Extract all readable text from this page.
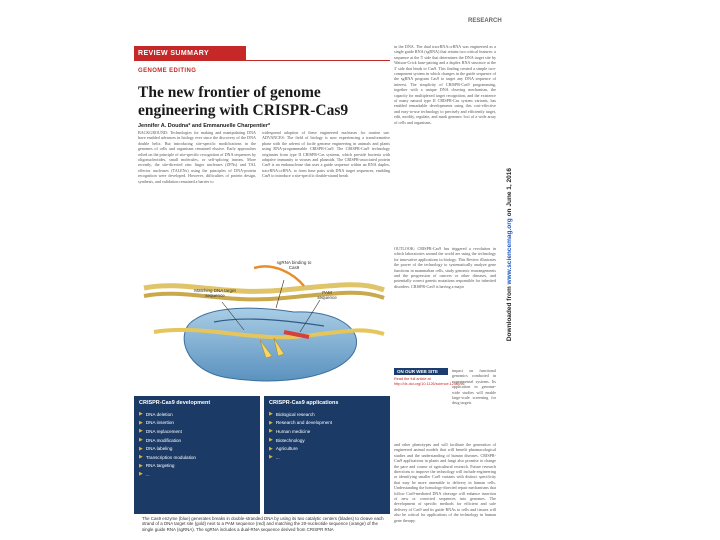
RESEARCH
REVIEW SUMMARY
GENOME EDITING
The new frontier of genome engineering with CRISPR-Cas9
Jennifer A. Doudna* and Emmanuelle Charpentier*
BACKGROUND: Technologies for making and manipulating DNA have enabled advances in biology ever since the discovery of the DNA double helix. But introducing site-specific modifications in the genomes of cells and organisms remained elusive. Early approaches relied on the principle of site-specific recognition of DNA sequences by oligonucleotides, small molecules, or self-splicing introns. More recently, the site-directed zinc finger nucleases (ZFNs) and TAL effector nucleases (TALENs) using the principles of DNA-protein recognition were developed. However, difficulties of protein design, synthesis, and validation remained a barrier to
widespread adoption of these engineered nucleases for routine use. ADVANCES: The field of biology is now experiencing a transformative phase with the advent of facile genome engineering in animals and plants using RNA-programmable CRISPR-Cas9. The CRISPR-Cas9 technology originates from type II CRISPR-Cas systems, which provide bacteria with adaptive immunity to viruses and plasmids. The CRISPR-associated protein Cas9 is an endonuclease that uses a guide sequence within an RNA duplex, tracrRNA:crRNA, to form base pairs with DNA target sequences, enabling Cas9 to introduce a site-specific double-strand break
in the DNA. The dual tracrRNA:crRNA was engineered as a single guide RNA (sgRNA) that retains two critical features: a sequence at the 5' side that determines the DNA target site by Watson-Crick base-pairing and a duplex RNA structure at the 3' side that binds to Cas9. This finding created a simple two-component system in which changes in the guide sequence of the sgRNA program Cas9 to target any DNA sequence of interest. The simplicity of CRISPR-Cas9 programming, together with a unique DNA cleaving mechanism, the capacity for multiplexed target recognition, and the existence of many natural type II CRISPR-Cas system variants, has enabled remarkable developments using this cost-effective and easy-to-use technology to precisely and efficiently target, edit, modify, regulate, and mark genomic loci of a wide array of cells and organisms.
OUTLOOK: CRISPR-Cas9 has triggered a revolution in which laboratories around the world are using the technology for innovative applications in biology. This Review illustrates the power of the technology to systematically analyze gene functions in mammalian cells, study genomic rearrangements and the progression of cancers or other diseases, and potentially correct genetic mutations responsible for inherited disorders. CRISPR-Cas9 is having a major
ON OUR WEB SITE
Read the full article at http://dx.doi.org/10.1126/science.1258096
impact on functional genomics conducted in experimental systems. Its application in genome-wide studies will enable large-scale screening for drug targets
and other phenotypes and will facilitate the generation of engineered animal models that will benefit pharmacological studies and the understanding of human diseases. CRISPR-Cas9 applications in plants and fungi also promise to change the pace and course of agricultural research. Future research directions to improve the technology will include engineering or identifying smaller Cas9 variants with distinct specificity that may be more amenable to delivery in human cells. Understanding the homology-directed repair mechanisms that follow Cas9-mediated DNA cleavage will enhance insertion of new or corrected sequences into genomes. The development of specific methods for efficient and safe delivery of Cas9 and its guide RNAs to cells and tissues will also be critical for applications of the technology in human gene therapy.
sgRNA binding to Cas9
Matching DNA target sequence
PAM sequence
CRISPR-Cas9 development
▶ DNA deletion
▶ DNA insertion
▶ DNA replacement
▶ DNA modification
▶ DNA labeling
▶ Transcription modulation
▶ RNA targeting
▶ ...
CRISPR-Cas9 applications
▶ Biological research
▶ Research and development
▶ Human medicine
▶ Biotechnology
▶ Agriculture
▶ ...
The Cas9 enzyme (blue) generates breaks in double-stranded DNA by using its two catalytic centers (blades) to cleave each strand of a DNA target site (gold) next to a PAM sequence (red) and matching the 20-nucleotide sequence (orange) of the single guide RNA (sgRNA). The sgRNA includes a dual-RNA sequence derived from CRISPR RNA
Downloaded from www.sciencemag.org on June 1, 2016
